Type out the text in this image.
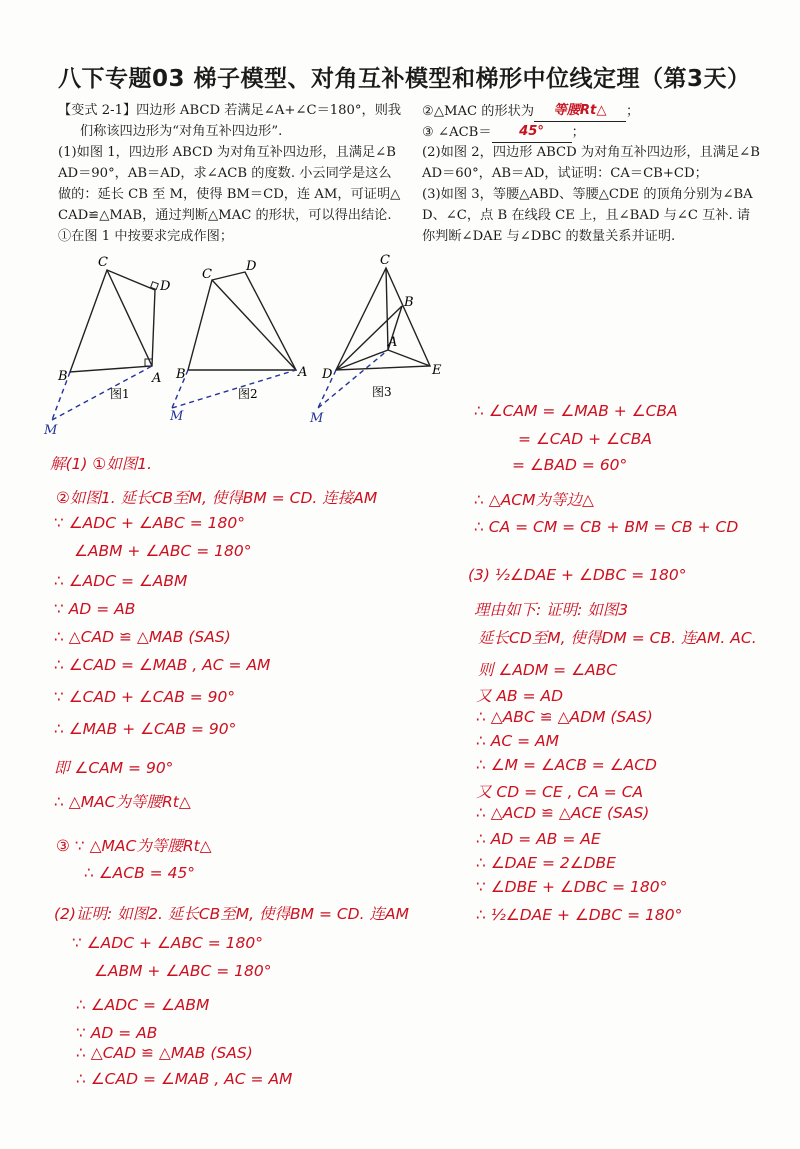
八下专题03 梯子模型、对角互补模型和梯形中位线定理（第3天）
【变式 2-1】四边形 ABCD 若满足∠A+∠C＝180°，则我
们称该四边形为“对角互补四边形”.
(1)如图 1，四边形 ABCD 为对角互补四边形，且满足∠B
AD＝90°，AB＝AD，求∠ACB 的度数. 小云同学是这么
做的：延长 CB 至 M，使得 BM＝CD，连 AM，可证明△
CAD≌△MAB，通过判断△MAC 的形状，可以得出结论.
①在图 1 中按要求完成作图；
②△MAC 的形状为 等腰Rt△ ；
③ ∠ACB＝ 45° ；
(2)如图 2，四边形 ABCD 为对角互补四边形，且满足∠B
AD＝60°，AB＝AD，试证明：CA＝CB+CD；
(3)如图 3，等腰△ABD、等腰△CDE 的顶角分别为∠BA
D、∠C，点 B 在线段 CE 上，且∠BAD 与∠C 互补. 请
你判断∠DAE 与∠DBC 的数量关系并证明.
C
D
B	A
M
图1
C
D
B	A
M
图2
C
B
A
D	E
M
图3
解(1) ①如图1.
②如图1. 延长CB至M, 使得BM = CD. 连接AM
∵ ∠ADC + ∠ABC = 180°
∠ABM + ∠ABC = 180°
∴ ∠ADC = ∠ABM
∵ AD = AB
∴ △CAD ≌ △MAB (SAS)
∴ ∠CAD = ∠MAB , AC = AM
∵ ∠CAD + ∠CAB = 90°
∴ ∠MAB + ∠CAB = 90°
即 ∠CAM = 90°
∴ △MAC为等腰Rt△
③ ∵ △MAC为等腰Rt△
∴ ∠ACB = 45°
(2)证明: 如图2. 延长CB至M, 使得BM = CD. 连AM
∵ ∠ADC + ∠ABC = 180°
∠ABM + ∠ABC = 180°
∴ ∠ADC = ∠ABM
∵ AD = AB
∴ △CAD ≌ △MAB (SAS)
∴ ∠CAD = ∠MAB , AC = AM
∴ ∠CAM = ∠MAB + ∠CBA
= ∠CAD + ∠CBA
= ∠BAD = 60°
∴ △ACM为等边△
∴ CA = CM = CB + BM = CB + CD
(3) ½∠DAE + ∠DBC = 180°
理由如下: 证明: 如图3
延长CD至M, 使得DM = CB. 连AM. AC.
则 ∠ADM = ∠ABC
又 AB = AD
∴ △ABC ≌ △ADM (SAS)
∴ AC = AM
∴ ∠M = ∠ACB = ∠ACD
又 CD = CE , CA = CA
∴ △ACD ≌ △ACE (SAS)
∴ AD = AB = AE
∴ ∠DAE = 2∠DBE
∵ ∠DBE + ∠DBC = 180°
∴ ½∠DAE + ∠DBC = 180°
